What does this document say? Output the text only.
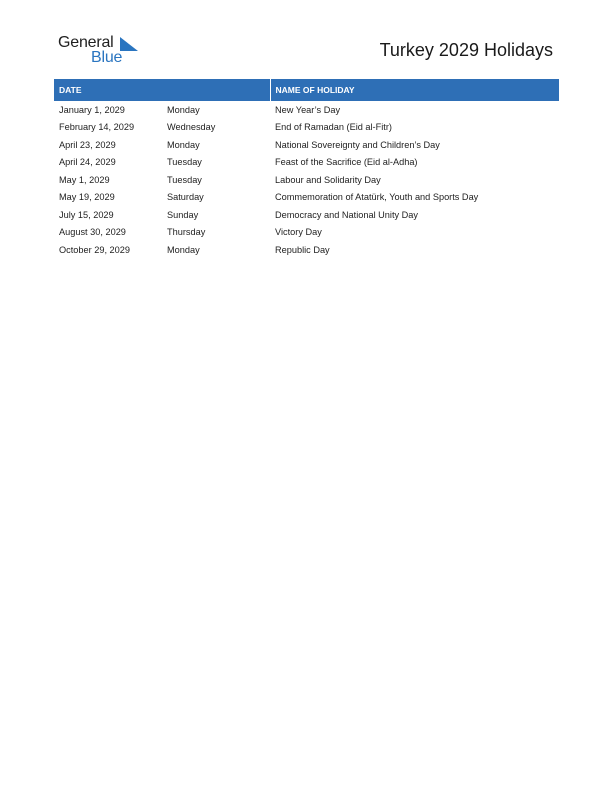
General
Blue	Turkey 2029 Holidays
DATE		NAME OF HOLIDAY
January 1, 2029	Monday	New Year’s Day
February 14, 2029	Wednesday	End of Ramadan (Eid al-Fitr)
April 23, 2029	Monday	National Sovereignty and Children’s Day
April 24, 2029	Tuesday	Feast of the Sacrifice (Eid al-Adha)
May 1, 2029	Tuesday	Labour and Solidarity Day
May 19, 2029	Saturday	Commemoration of Atatürk, Youth and Sports Day
July 15, 2029	Sunday	Democracy and National Unity Day
August 30, 2029	Thursday	Victory Day
October 29, 2029	Monday	Republic Day
